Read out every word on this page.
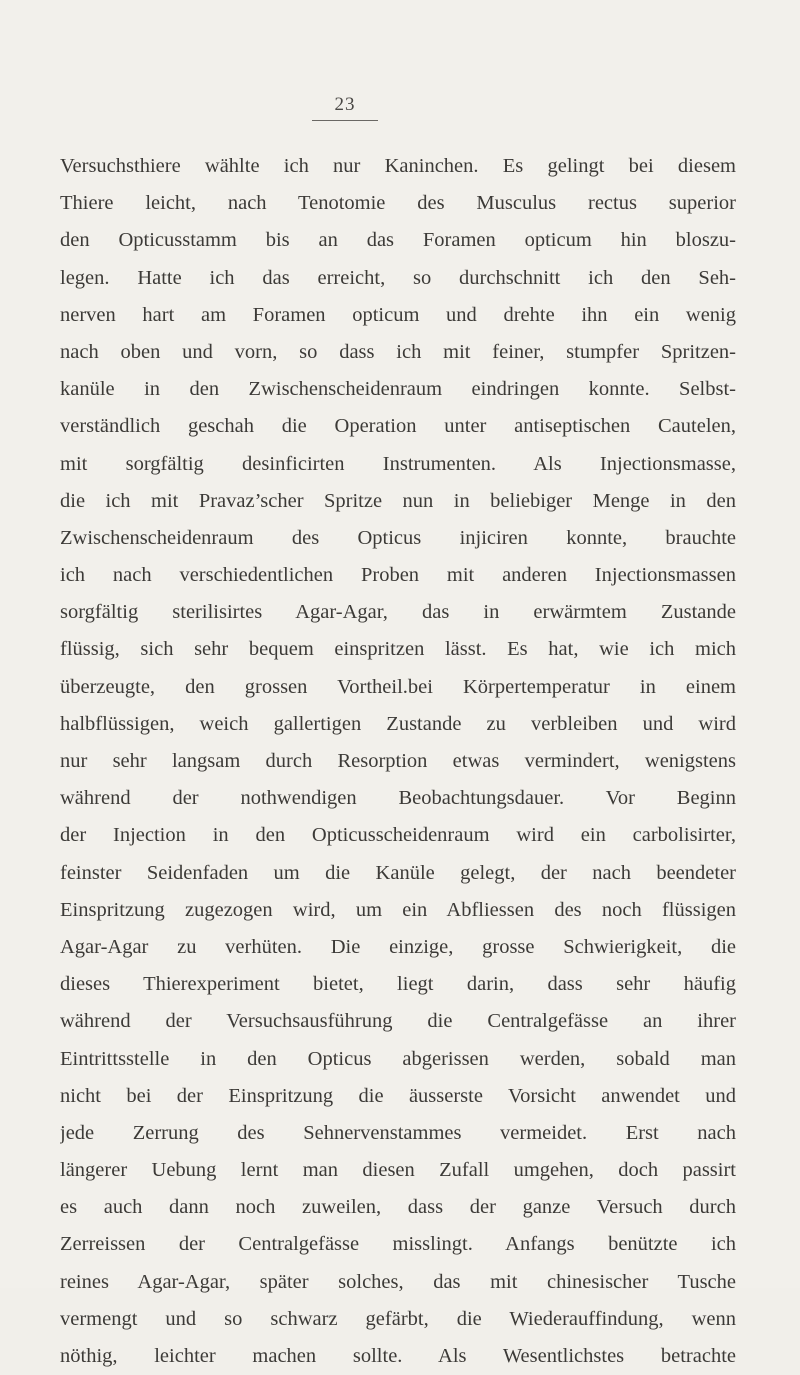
23
Versuchsthiere wählte ich nur Kaninchen. Es gelingt bei diesem
Thiere leicht, nach Tenotomie des Musculus rectus superior
den Opticusstamm bis an das Foramen opticum hin bloszu-
legen. Hatte ich das erreicht, so durchschnitt ich den Seh-
nerven hart am Foramen opticum und drehte ihn ein wenig
nach oben und vorn, so dass ich mit feiner, stumpfer Spritzen-
kanüle in den Zwischenscheidenraum eindringen konnte. Selbst-
verständlich geschah die Operation unter antiseptischen Cautelen,
mit sorgfältig desinficirten Instrumenten. Als Injectionsmasse,
die ich mit Pravaz’scher Spritze nun in beliebiger Menge in den
Zwischenscheidenraum des Opticus injiciren konnte, brauchte
ich nach verschiedentlichen Proben mit anderen Injectionsmassen
sorgfältig sterilisirtes Agar-Agar, das in erwärmtem Zustande
flüssig, sich sehr bequem einspritzen lässt. Es hat, wie ich mich
überzeugte, den grossen Vortheil.bei Körpertemperatur in einem
halbflüssigen, weich gallertigen Zustande zu verbleiben und wird
nur sehr langsam durch Resorption etwas vermindert, wenigstens
während der nothwendigen Beobachtungsdauer. Vor Beginn
der Injection in den Opticusscheidenraum wird ein carbolisirter,
feinster Seidenfaden um die Kanüle gelegt, der nach beendeter
Einspritzung zugezogen wird, um ein Abfliessen des noch flüssigen
Agar-Agar zu verhüten. Die einzige, grosse Schwierigkeit, die
dieses Thierexperiment bietet, liegt darin, dass sehr häufig
während der Versuchsausführung die Centralgefässe an ihrer
Eintrittsstelle in den Opticus abgerissen werden, sobald man
nicht bei der Einspritzung die äusserste Vorsicht anwendet und
jede Zerrung des Sehnervenstammes vermeidet. Erst nach
längerer Uebung lernt man diesen Zufall umgehen, doch passirt
es auch dann noch zuweilen, dass der ganze Versuch durch
Zerreissen der Centralgefässe misslingt. Anfangs benützte ich
reines Agar-Agar, später solches, das mit chinesischer Tusche
vermengt und so schwarz gefärbt, die Wiederauffindung, wenn
nöthig, leichter machen sollte. Als Wesentlichstes betrachte
